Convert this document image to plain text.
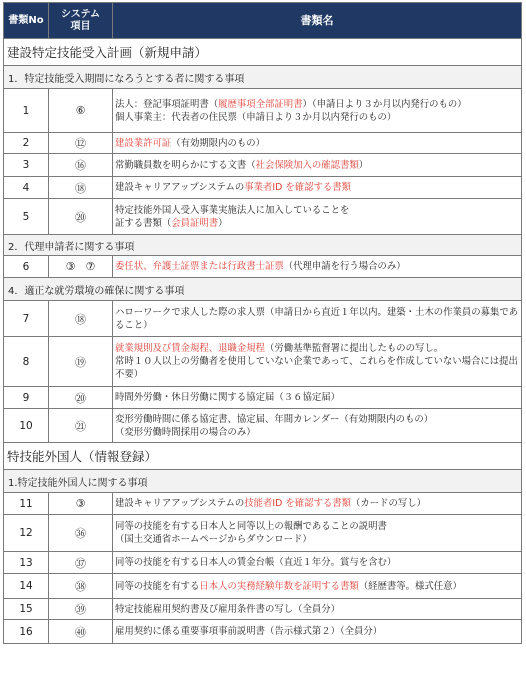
書類No	システム
項目	書類名
建設特定技能受入計画（新規申請）		
1．特定技能受入期間になろうとする者に関する事項		
1	⑥	法人：登記事項証明書（履歴事項全部証明書）（申請日より３か月以内発行のもの）
個人事業主：代表者の住民票（申請日より３か月以内発行のもの）

2	⑫	建設業許可証（有効期限内のもの）

3	⑯	常勤職員数を明らかにする文書（社会保険加入の確認書類）

4	⑱	建設キャリアアップシステムの事業者ID を確認する書類

5	⑳	特定技能外国人受入事業実施法人に加入していることを
証する書類（会員証明書）

2．代理申請者に関する事項		
6	③ ⑦	委任状、弁護士証票または行政書士証票（代理申請を行う場合のみ）

4．適正な就労環境の確保に関する事項		
7	⑱	ハローワークで求人した際の求人票（申請日から直近１年以内。建築・土木の作業員の募集であること）

8	⑲	就業規則及び賃金規程、退職金規程（労働基準監督署に提出したものの写し。
常時１０人以上の労働者を使用していない企業であって、これらを作成していない場合には提出不要）

9	⑳	時間外労働・休日労働に関する協定届（３６協定届）

10	㉑	変形労働時間に係る協定書、協定届、年間カレンダー（有効期限内のもの）
（変形労働時間採用の場合のみ）

特技能外国人（情報登録）		
1.特定技能外国人に関する事項		
11	③	建設キャリアアップシステムの技能者ID を確認する書類（カードの写し）

12	㊱	同等の技能を有する日本人と同等以上の報酬であることの説明書
（国土交通省ホームページからダウンロード）

13	㊲	同等の技能を有する日本人の賃金台帳（直近１年分。賞与を含む）

14	㊳	同等の技能を有する日本人の実務経験年数を証明する書類（経歴書等。様式任意）

15	㊴	特定技能雇用契約書及び雇用条件書の写し（全員分）

16	㊵	雇用契約に係る重要事項事前説明書（告示様式第２）（全員分）
